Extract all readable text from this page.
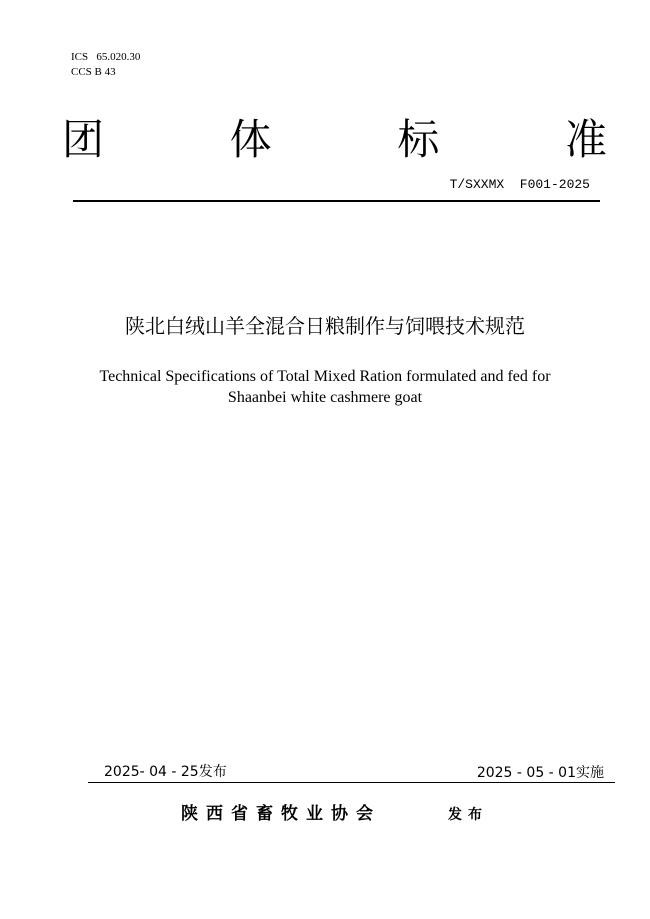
ICS   65.020.30
CCS B 43
团	体	标	准
T/SXXMX  F001-2025
陕北白绒山羊全混合日粮制作与饲喂技术规范
Technical Specifications of Total Mixed Ration formulated and fed for
Shaanbei white cashmere goat
2025- 04 - 25发布	2025 - 05 - 01实施
陕西省畜牧业协会	发布
